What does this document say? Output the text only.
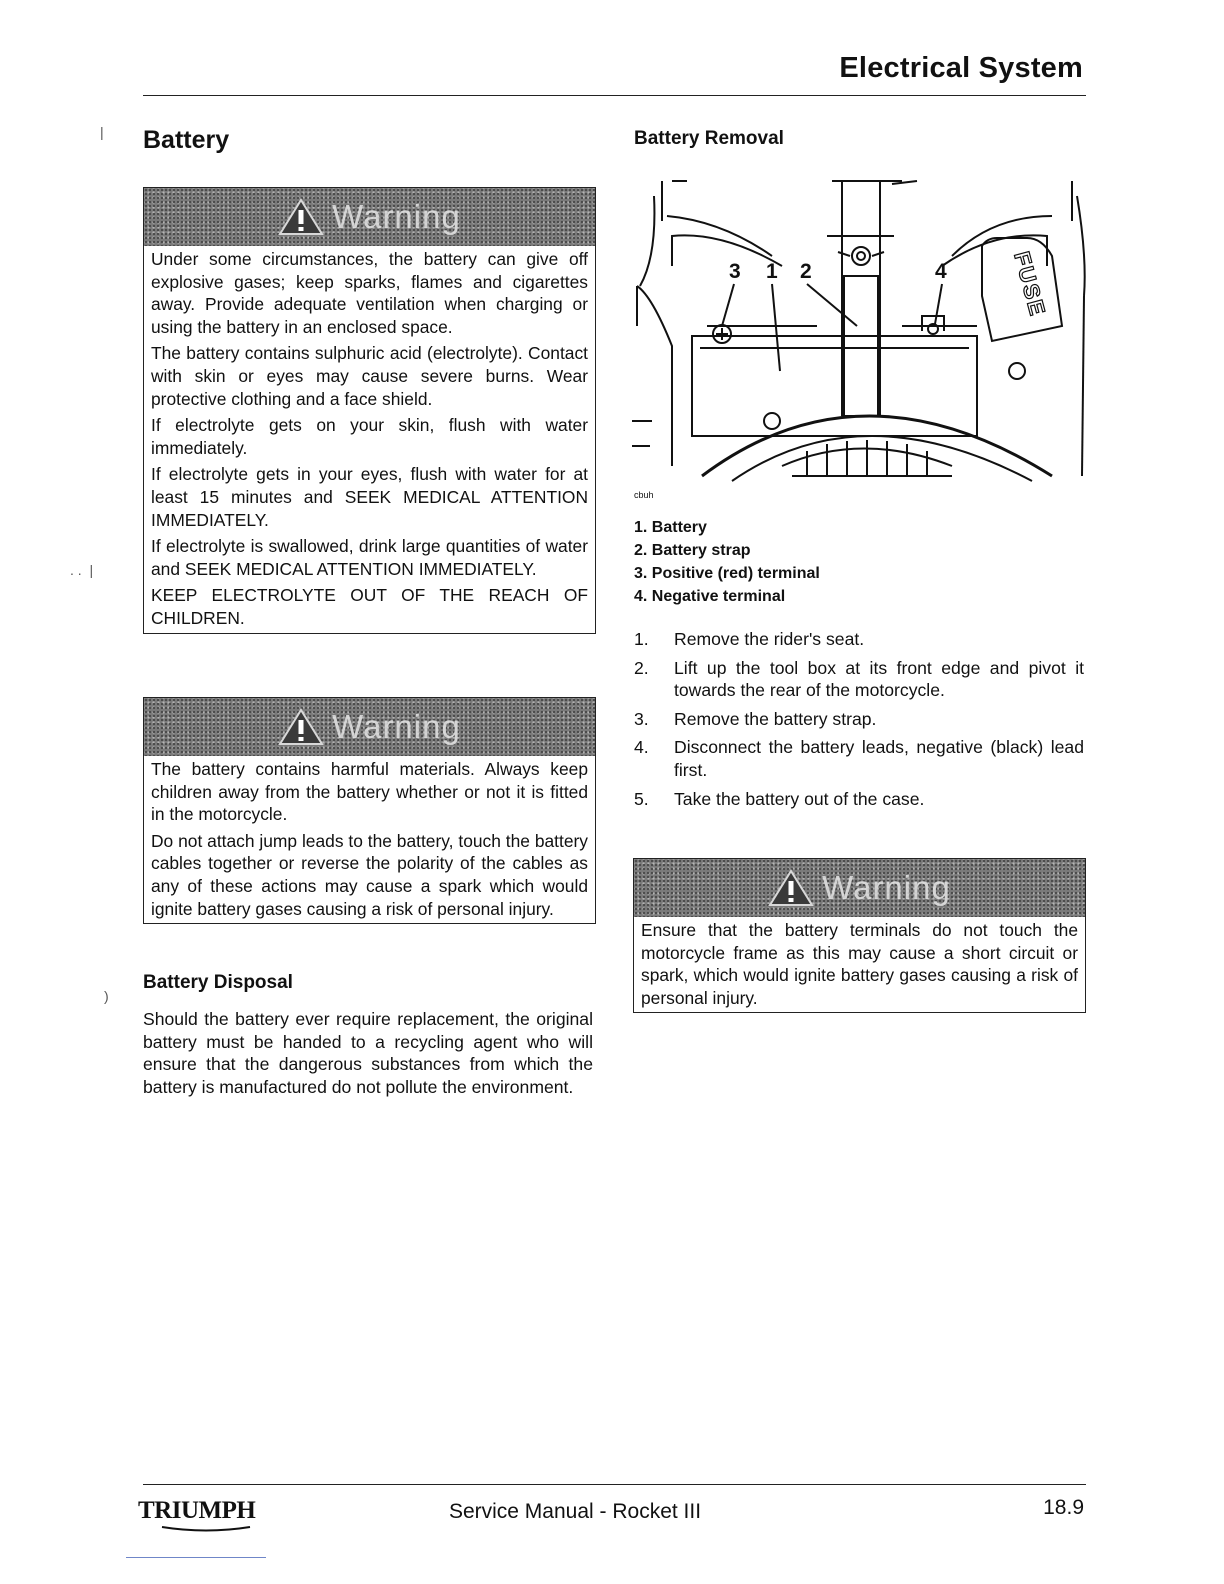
Electrical System
|
. .  |
)
Battery
Warning

Under some circumstances, the battery can give off explosive gases; keep sparks, flames and cigarettes away. Provide adequate ventilation when charging or using the battery in an enclosed space.

The battery contains sulphuric acid (electrolyte). Contact with skin or eyes may cause severe burns. Wear protective clothing and a face shield.

If electrolyte gets on your skin, flush with water immediately.

If electrolyte gets in your eyes, flush with water for at least 15 minutes and SEEK MEDICAL ATTENTION IMMEDIATELY.

If electrolyte is swallowed, drink large quantities of water and SEEK MEDICAL ATTENTION IMMEDIATELY.

KEEP ELECTROLYTE OUT OF THE REACH OF CHILDREN.

Warning

The battery contains harmful materials. Always keep children away from the battery whether or not it is fitted in the motorcycle.

Do not attach jump leads to the battery, touch the battery cables together or reverse the polarity of the cables as any of these actions may cause a spark which would ignite battery gases causing a risk of personal injury.

Battery Disposal
Should the battery ever require replacement, the original battery must be handed to a recycling agent who will ensure that the dangerous substances from which the battery is manufactured do not pollute the environment.
Battery Removal
3 1 2	4	FUSE
cbuh
1. Battery
2. Battery strap
3. Positive (red) terminal
4. Negative terminal
1.	Remove the rider's seat.
2.	Lift up the tool box at its front edge and pivot it towards the rear of the motorcycle.
3.	Remove the battery strap.
4.	Disconnect the battery leads, negative (black) lead first.
5.	Take the battery out of the case.
Warning

Ensure that the battery terminals do not touch the motorcycle frame as this may cause a short circuit or spark, which would ignite battery gases causing a risk of personal injury.

TRIUMPH	Service Manual - Rocket III	18.9
